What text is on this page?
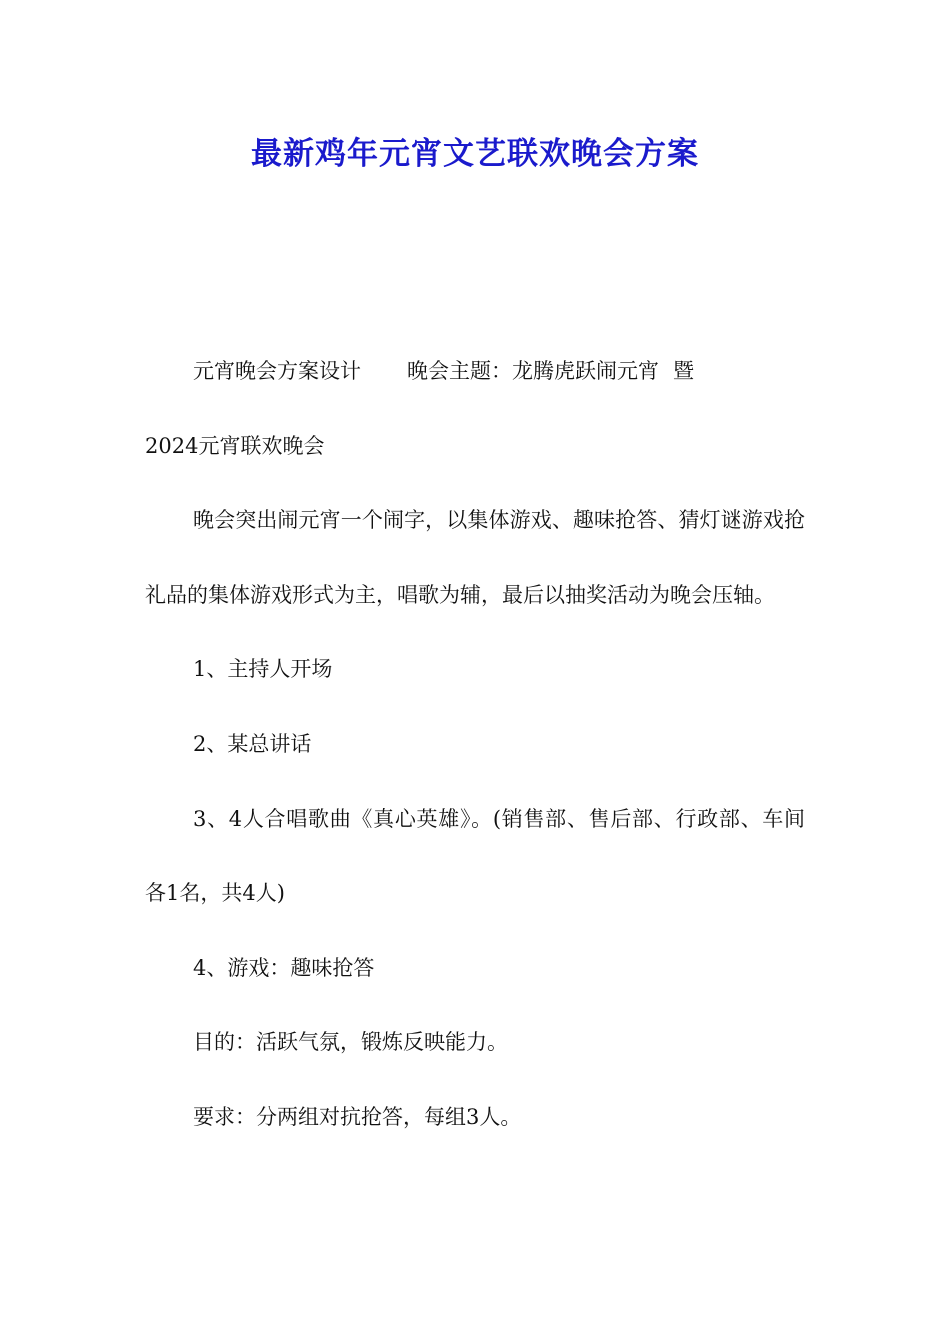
最新鸡年元宵文艺联欢晚会方案

元宵晚会方案设计 晚会主题：龙腾虎跃闹元宵 暨
2024元宵联欢晚会

晚会突出闹元宵一个闹字，以集体游戏、趣味抢答、猜灯谜游戏抢礼品的集体游戏形式为主，唱歌为辅，最后以抽奖活动为晚会压轴。

1、主持人开场

2、某总讲话

3、4人合唱歌曲《真心英雄》。(销售部、售后部、行政部、车间各1名，共4人)

4、游戏：趣味抢答

目的：活跃气氛，锻炼反映能力。

要求：分两组对抗抢答，每组3人。
